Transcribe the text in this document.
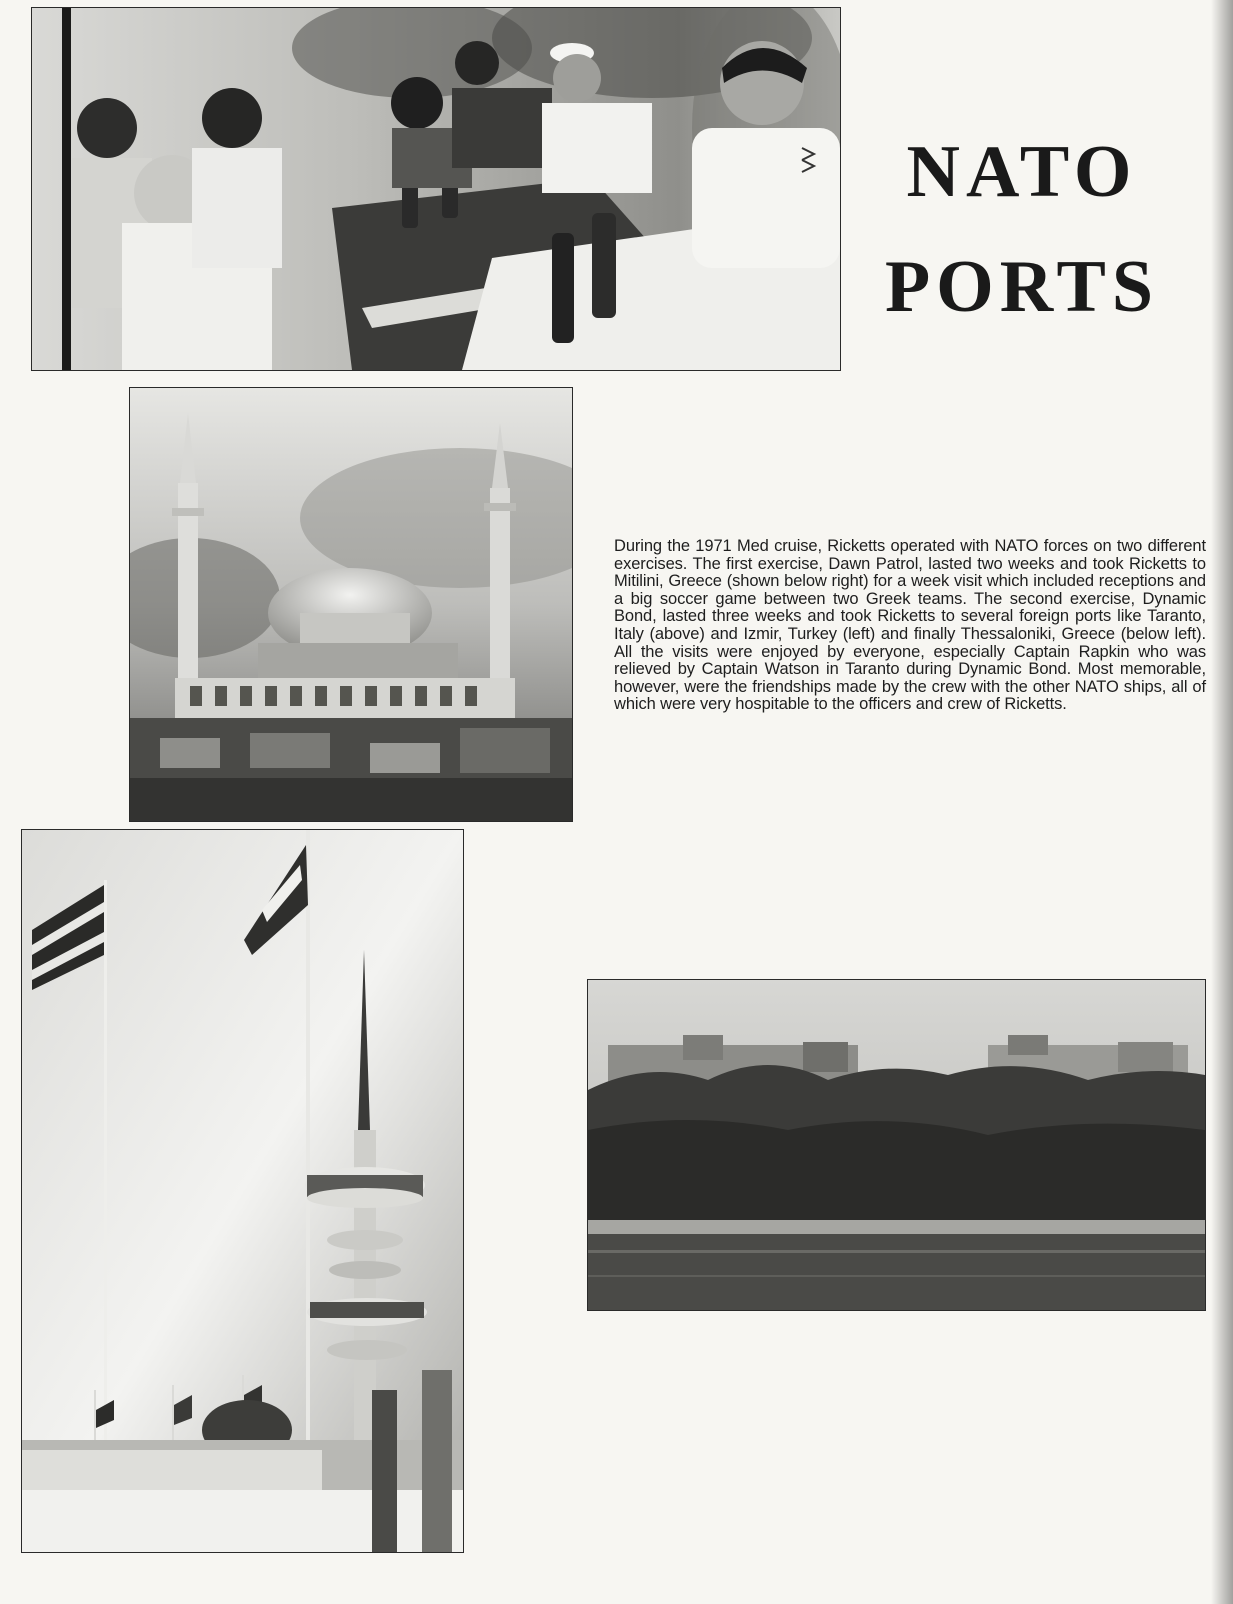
NATO
PORTS

During the 1971 Med cruise, Ricketts operated with NATO forces on two different exercises. The first exercise, Dawn Patrol, lasted two weeks and took Ricketts to Mitilini, Greece (shown below right) for a week visit which included receptions and a big soccer game between two Greek teams. The second exercise, Dynamic Bond, lasted three weeks and took Ricketts to several foreign ports like Taranto, Italy (above) and Izmir, Turkey (left) and finally Thessaloniki, Greece (below left). All the visits were enjoyed by everyone, especially Captain Rapkin who was relieved by Captain Watson in Taranto during Dynamic Bond. Most memorable, however, were the friendships made by the crew with the other NATO ships, all of which were very hospitable to the officers and crew of Ricketts.
